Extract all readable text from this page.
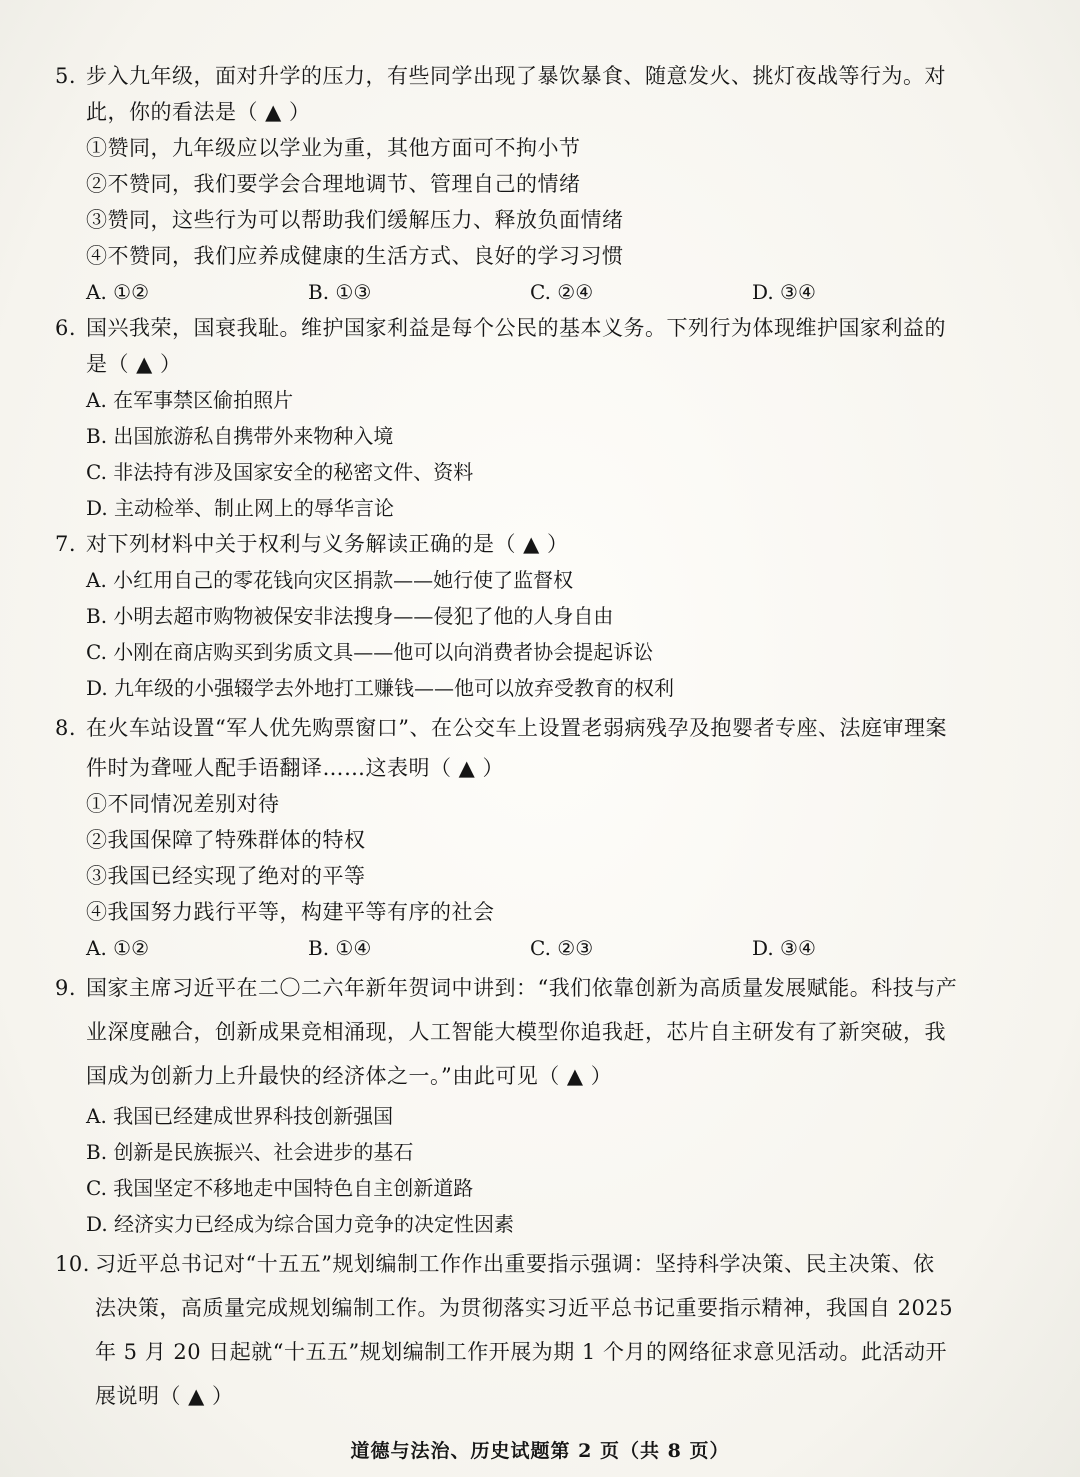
5. 步入九年级，面对升学的压力，有些同学出现了暴饮暴食、随意发火、挑灯夜战等行为。对
此，你的看法是（ ▲ ）
①赞同，九年级应以学业为重，其他方面可不拘小节
②不赞同，我们要学会合理地调节、管理自己的情绪
③赞同，这些行为可以帮助我们缓解压力、释放负面情绪
④不赞同，我们应养成健康的生活方式、良好的学习习惯
A. ①②	B. ①③	C. ②④	D. ③④
6. 国兴我荣，国衰我耻。维护国家利益是每个公民的基本义务。下列行为体现维护国家利益的
是（ ▲ ）
A. 在军事禁区偷拍照片
B. 出国旅游私自携带外来物种入境
C. 非法持有涉及国家安全的秘密文件、资料
D. 主动检举、制止网上的辱华言论
7. 对下列材料中关于权利与义务解读正确的是（ ▲ ）
A. 小红用自己的零花钱向灾区捐款——她行使了监督权
B. 小明去超市购物被保安非法搜身——侵犯了他的人身自由
C. 小刚在商店购买到劣质文具——他可以向消费者协会提起诉讼
D. 九年级的小强辍学去外地打工赚钱——他可以放弃受教育的权利
8. 在火车站设置“军人优先购票窗口”、在公交车上设置老弱病残孕及抱婴者专座、法庭审理案
件时为聋哑人配手语翻译……这表明（ ▲ ）
①不同情况差别对待
②我国保障了特殊群体的特权
③我国已经实现了绝对的平等
④我国努力践行平等，构建平等有序的社会
A. ①②	B. ①④	C. ②③	D. ③④
9. 国家主席习近平在二〇二六年新年贺词中讲到：“我们依靠创新为高质量发展赋能。科技与产
业深度融合，创新成果竞相涌现，人工智能大模型你追我赶，芯片自主研发有了新突破，我
国成为创新力上升最快的经济体之一。”由此可见（ ▲ ）
A. 我国已经建成世界科技创新强国
B. 创新是民族振兴、社会进步的基石
C. 我国坚定不移地走中国特色自主创新道路
D. 经济实力已经成为综合国力竞争的决定性因素
10. 习近平总书记对“十五五”规划编制工作作出重要指示强调：坚持科学决策、民主决策、依
法决策，高质量完成规划编制工作。为贯彻落实习近平总书记重要指示精神，我国自 2025
年 5 月 20 日起就“十五五”规划编制工作开展为期 1 个月的网络征求意见活动。此活动开
展说明（ ▲ ）
道德与法治、历史试题第 2 页（共 8 页）
